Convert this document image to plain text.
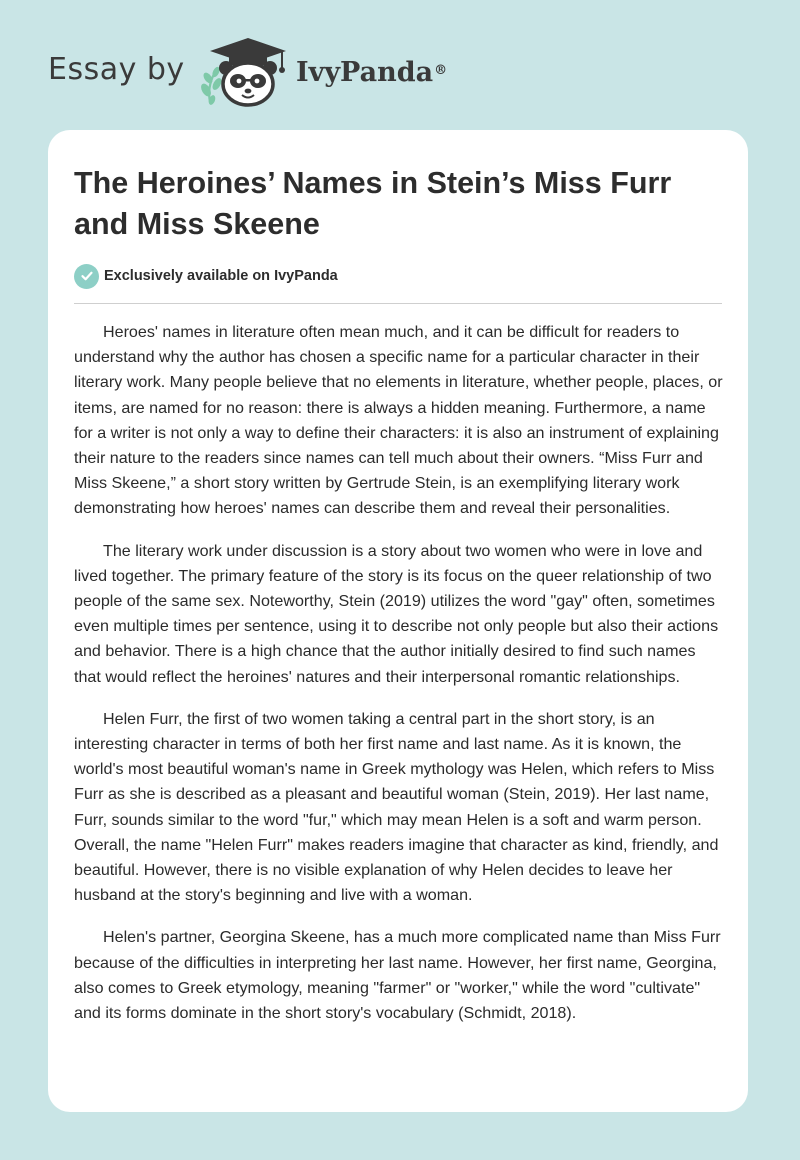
Essay by	IvyPanda®
The Heroines’ Names in Stein’s Miss Furr and Miss Skeene
Exclusively available on IvyPanda

Heroes' names in literature often mean much, and it can be difficult for readers to understand why the author has chosen a specific name for a particular character in their literary work. Many people believe that no elements in literature, whether people, places, or items, are named for no reason: there is always a hidden meaning. Furthermore, a name for a writer is not only a way to define their characters: it is also an instrument of explaining their nature to the readers since names can tell much about their owners. “Miss Furr and Miss Skeene,” a short story written by Gertrude Stein, is an exemplifying literary work demonstrating how heroes' names can describe them and reveal their personalities.

The literary work under discussion is a story about two women who were in love and lived together. The primary feature of the story is its focus on the queer relationship of two people of the same sex. Noteworthy, Stein (2019) utilizes the word "gay" often, sometimes even multiple times per sentence, using it to describe not only people but also their actions and behavior. There is a high chance that the author initially desired to find such names that would reflect the heroines' natures and their interpersonal romantic relationships.

Helen Furr, the first of two women taking a central part in the short story, is an interesting character in terms of both her first name and last name. As it is known, the world's most beautiful woman's name in Greek mythology was Helen, which refers to Miss Furr as she is described as a pleasant and beautiful woman (Stein, 2019). Her last name, Furr, sounds similar to the word "fur," which may mean Helen is a soft and warm person. Overall, the name "Helen Furr" makes readers imagine that character as kind, friendly, and beautiful. However, there is no visible explanation of why Helen decides to leave her husband at the story's beginning and live with a woman.

Helen's partner, Georgina Skeene, has a much more complicated name than Miss Furr because of the difficulties in interpreting her last name. However, her first name, Georgina, also comes to Greek etymology, meaning "farmer" or "worker," while the word "cultivate" and its forms dominate in the short story's vocabulary (Schmidt, 2018).
